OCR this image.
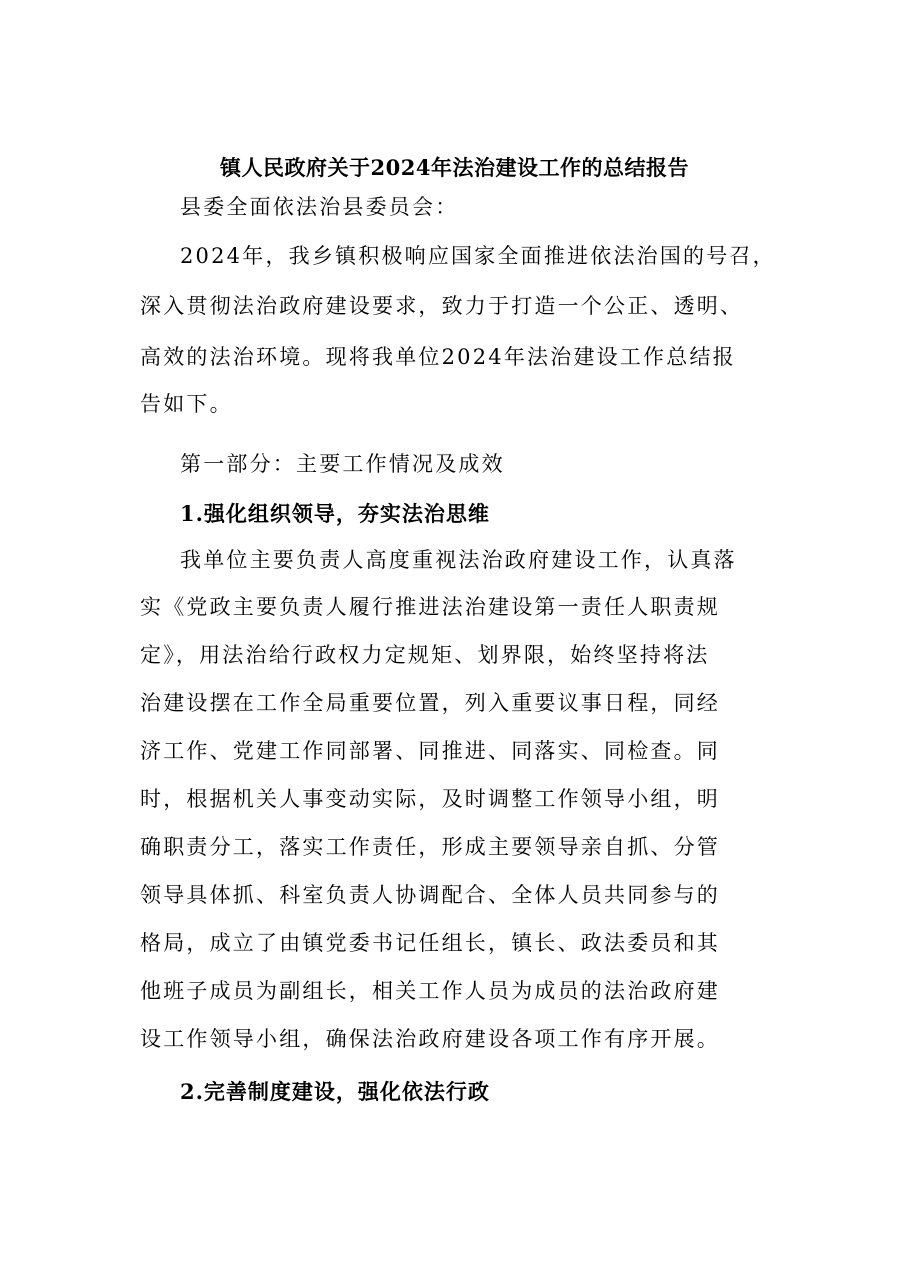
镇人民政府关于2024年法治建设工作的总结报告
县委全面依法治县委员会：
2024年，我乡镇积极响应国家全面推进依法治国的号召，
深入贯彻法治政府建设要求，致力于打造一个公正、透明、
高效的法治环境。现将我单位2024年法治建设工作总结报
告如下。
第一部分：主要工作情况及成效
1.强化组织领导，夯实法治思维
我单位主要负责人高度重视法治政府建设工作，认真落
实《党政主要负责人履行推进法治建设第一责任人职责规
定》，用法治给行政权力定规矩、划界限，始终坚持将法
治建设摆在工作全局重要位置，列入重要议事日程，同经
济工作、党建工作同部署、同推进、同落实、同检查。同
时，根据机关人事变动实际，及时调整工作领导小组，明
确职责分工，落实工作责任，形成主要领导亲自抓、分管
领导具体抓、科室负责人协调配合、全体人员共同参与的
格局，成立了由镇党委书记任组长，镇长、政法委员和其
他班子成员为副组长，相关工作人员为成员的法治政府建
设工作领导小组，确保法治政府建设各项工作有序开展。
2.完善制度建设，强化依法行政
